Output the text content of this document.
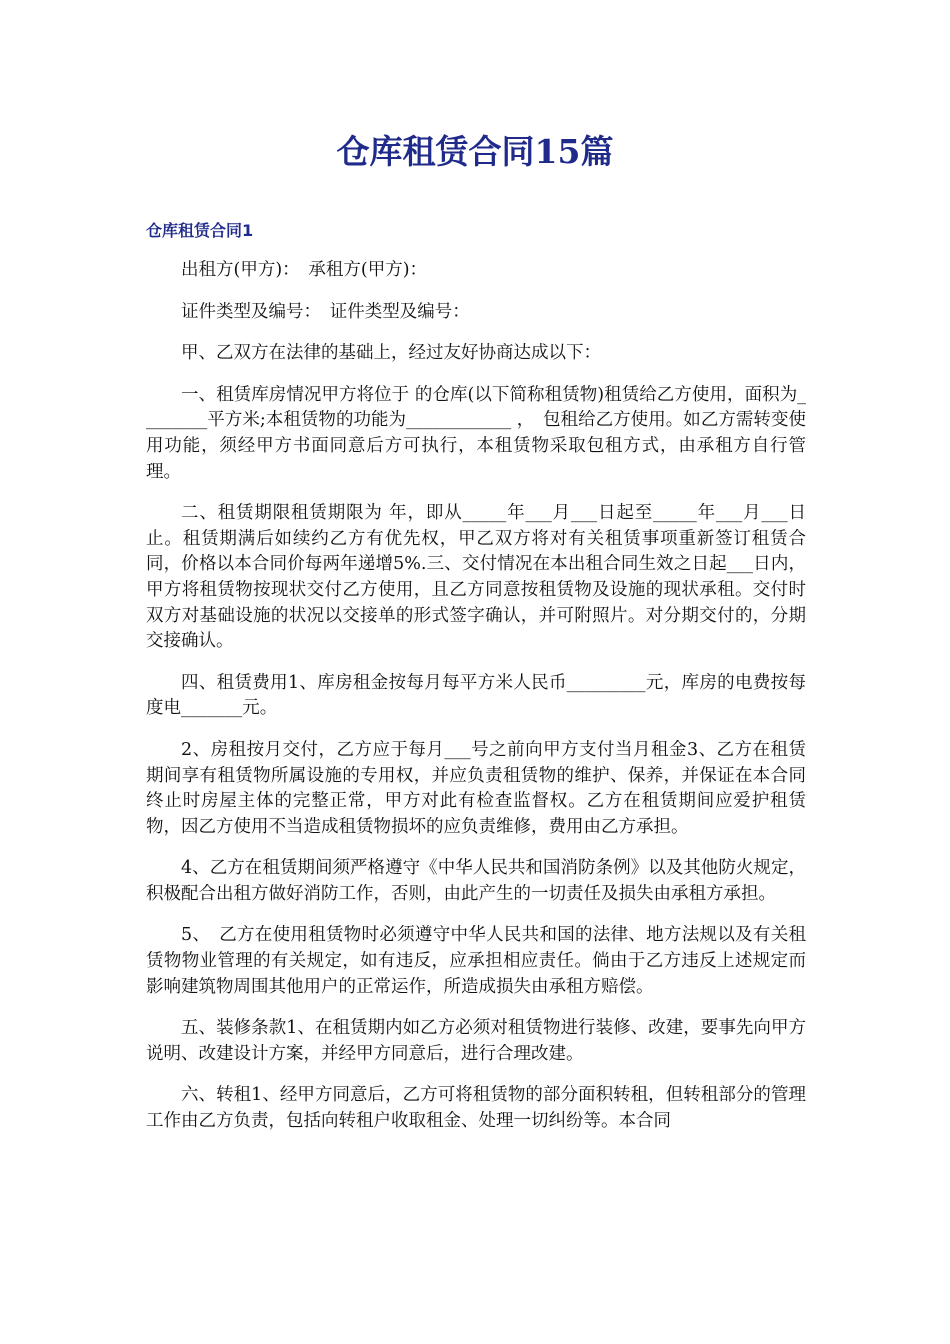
仓库租赁合同15篇
仓库租赁合同1

出租方(甲方)：　承租方(甲方)：

证件类型及编号：　证件类型及编号：

甲、乙双方在法律的基础上，经过友好协商达成以下：

一、租赁库房情况甲方将位于 的仓库(以下简称租赁物)租赁给乙方使用，面积为________平方米;本租赁物的功能为____________ ，　包租给乙方使用。如乙方需转变使用功能，须经甲方书面同意后方可执行，本租赁物采取包租方式，由承租方自行管理。

二、租赁期限租赁期限为 年，即从_____年___月___日起至_____年___月___日止。租赁期满后如续约乙方有优先权，甲乙双方将对有关租赁事项重新签订租赁合同，价格以本合同价每两年递增5%.三、交付情况在本出租合同生效之日起___日内，甲方将租赁物按现状交付乙方使用，且乙方同意按租赁物及设施的现状承租。交付时双方对基础设施的状况以交接单的形式签字确认，并可附照片。对分期交付的，分期交接确认。

四、租赁费用1、库房租金按每月每平方米人民币_________元，库房的电费按每度电_______元。

2、房租按月交付，乙方应于每月___号之前向甲方支付当月租金3、乙方在租赁期间享有租赁物所属设施的专用权，并应负责租赁物的维护、保养，并保证在本合同终止时房屋主体的完整正常，甲方对此有检查监督权。乙方在租赁期间应爱护租赁物，因乙方使用不当造成租赁物损坏的应负责维修，费用由乙方承担。

4、乙方在租赁期间须严格遵守《中华人民共和国消防条例》以及其他防火规定，积极配合出租方做好消防工作，否则，由此产生的一切责任及损失由承租方承担。

5、　乙方在使用租赁物时必须遵守中华人民共和国的法律、地方法规以及有关租赁物物业管理的有关规定，如有违反，应承担相应责任。倘由于乙方违反上述规定而影响建筑物周围其他用户的正常运作，所造成损失由承租方赔偿。

五、装修条款1、在租赁期内如乙方必须对租赁物进行装修、改建，要事先向甲方说明、改建设计方案，并经甲方同意后，进行合理改建。

六、转租1、经甲方同意后，乙方可将租赁物的部分面积转租，但转租部分的管理工作由乙方负责，包括向转租户收取租金、处理一切纠纷等。本合同
